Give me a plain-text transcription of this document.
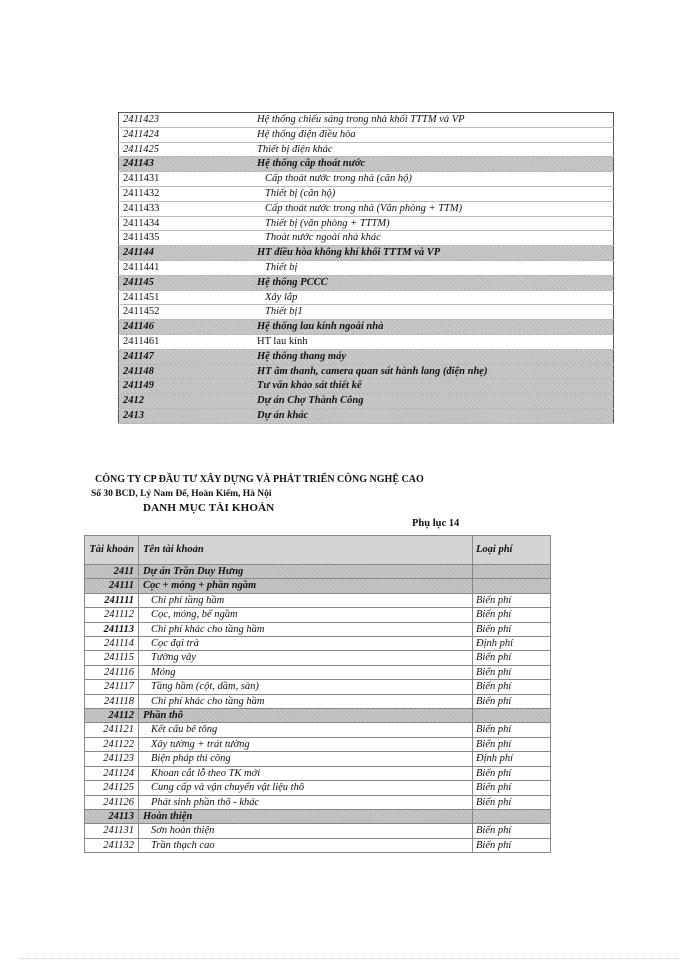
2411423	Hệ thống chiếu sáng trong nhà khối TTTM và VP
2411424	Hệ thống điện điều hòa
2411425	Thiết bị điện khác
241143	Hệ thống cấp thoát nước
2411431	Cấp thoát nước trong nhà (căn hộ)
2411432	Thiết bị (căn hộ)
2411433	Cấp thoát nước trong nhà (Văn phòng + TTM)
2411434	Thiết bị (văn phòng + TTTM)
2411435	Thoát nước ngoài nhà khác
241144	HT điều hòa không khí khối TTTM và VP
2411441	Thiết bị
241145	Hệ thống PCCC
2411451	Xây lắp
2411452	Thiết bị1
241146	Hệ thống lau kính ngoài nhà
2411461	HT lau kính
241147	Hệ thống thang máy
241148	HT âm thanh, camera quan sát hành lang (điện nhẹ)
241149	Tư vấn khảo sát thiết kế
2412	Dự án Chợ Thành Công
2413	Dự án khác
CÔNG TY CP ĐẦU TƯ XÂY DỰNG VÀ PHÁT TRIỂN CÔNG NGHỆ CAO
Số 30 BCD, Lý Nam Đế, Hoàn Kiếm, Hà Nội
DANH MỤC TÀI KHOẢN
Phụ lục 14
Tài khoản	Tên tài khoản	Loại phí
2411	Dự án Trần Duy Hưng	
24111	Cọc + móng + phần ngầm	
241111	Chi phí tầng hầm	Biến phí
241112	Cọc, móng, bể ngầm	Biến phí
241113	Chi phí khác cho tầng hầm	Biến phí
241114	Cọc đại trà	Định phí
241115	Tường vây	Biến phí
241116	Móng	Biến phí
241117	Tầng hầm (cột, dầm, sàn)	Biến phí
241118	Chi phí khác cho tầng hầm	Biến phí
24112	Phần thô	
241121	Kết cấu bê tông	Biến phí
241122	Xây tường + trát tường	Biến phí
241123	Biện pháp thi công	Định phí
241124	Khoan cắt lỗ theo TK mới	Biến phí
241125	Cung cấp và vận chuyển vật liệu thô	Biến phí
241126	Phát sinh phần thô - khác	Biến phí
24113	Hoàn thiện	
241131	Sơn hoàn thiện	Biến phí
241132	Trần thạch cao	Biến phí
